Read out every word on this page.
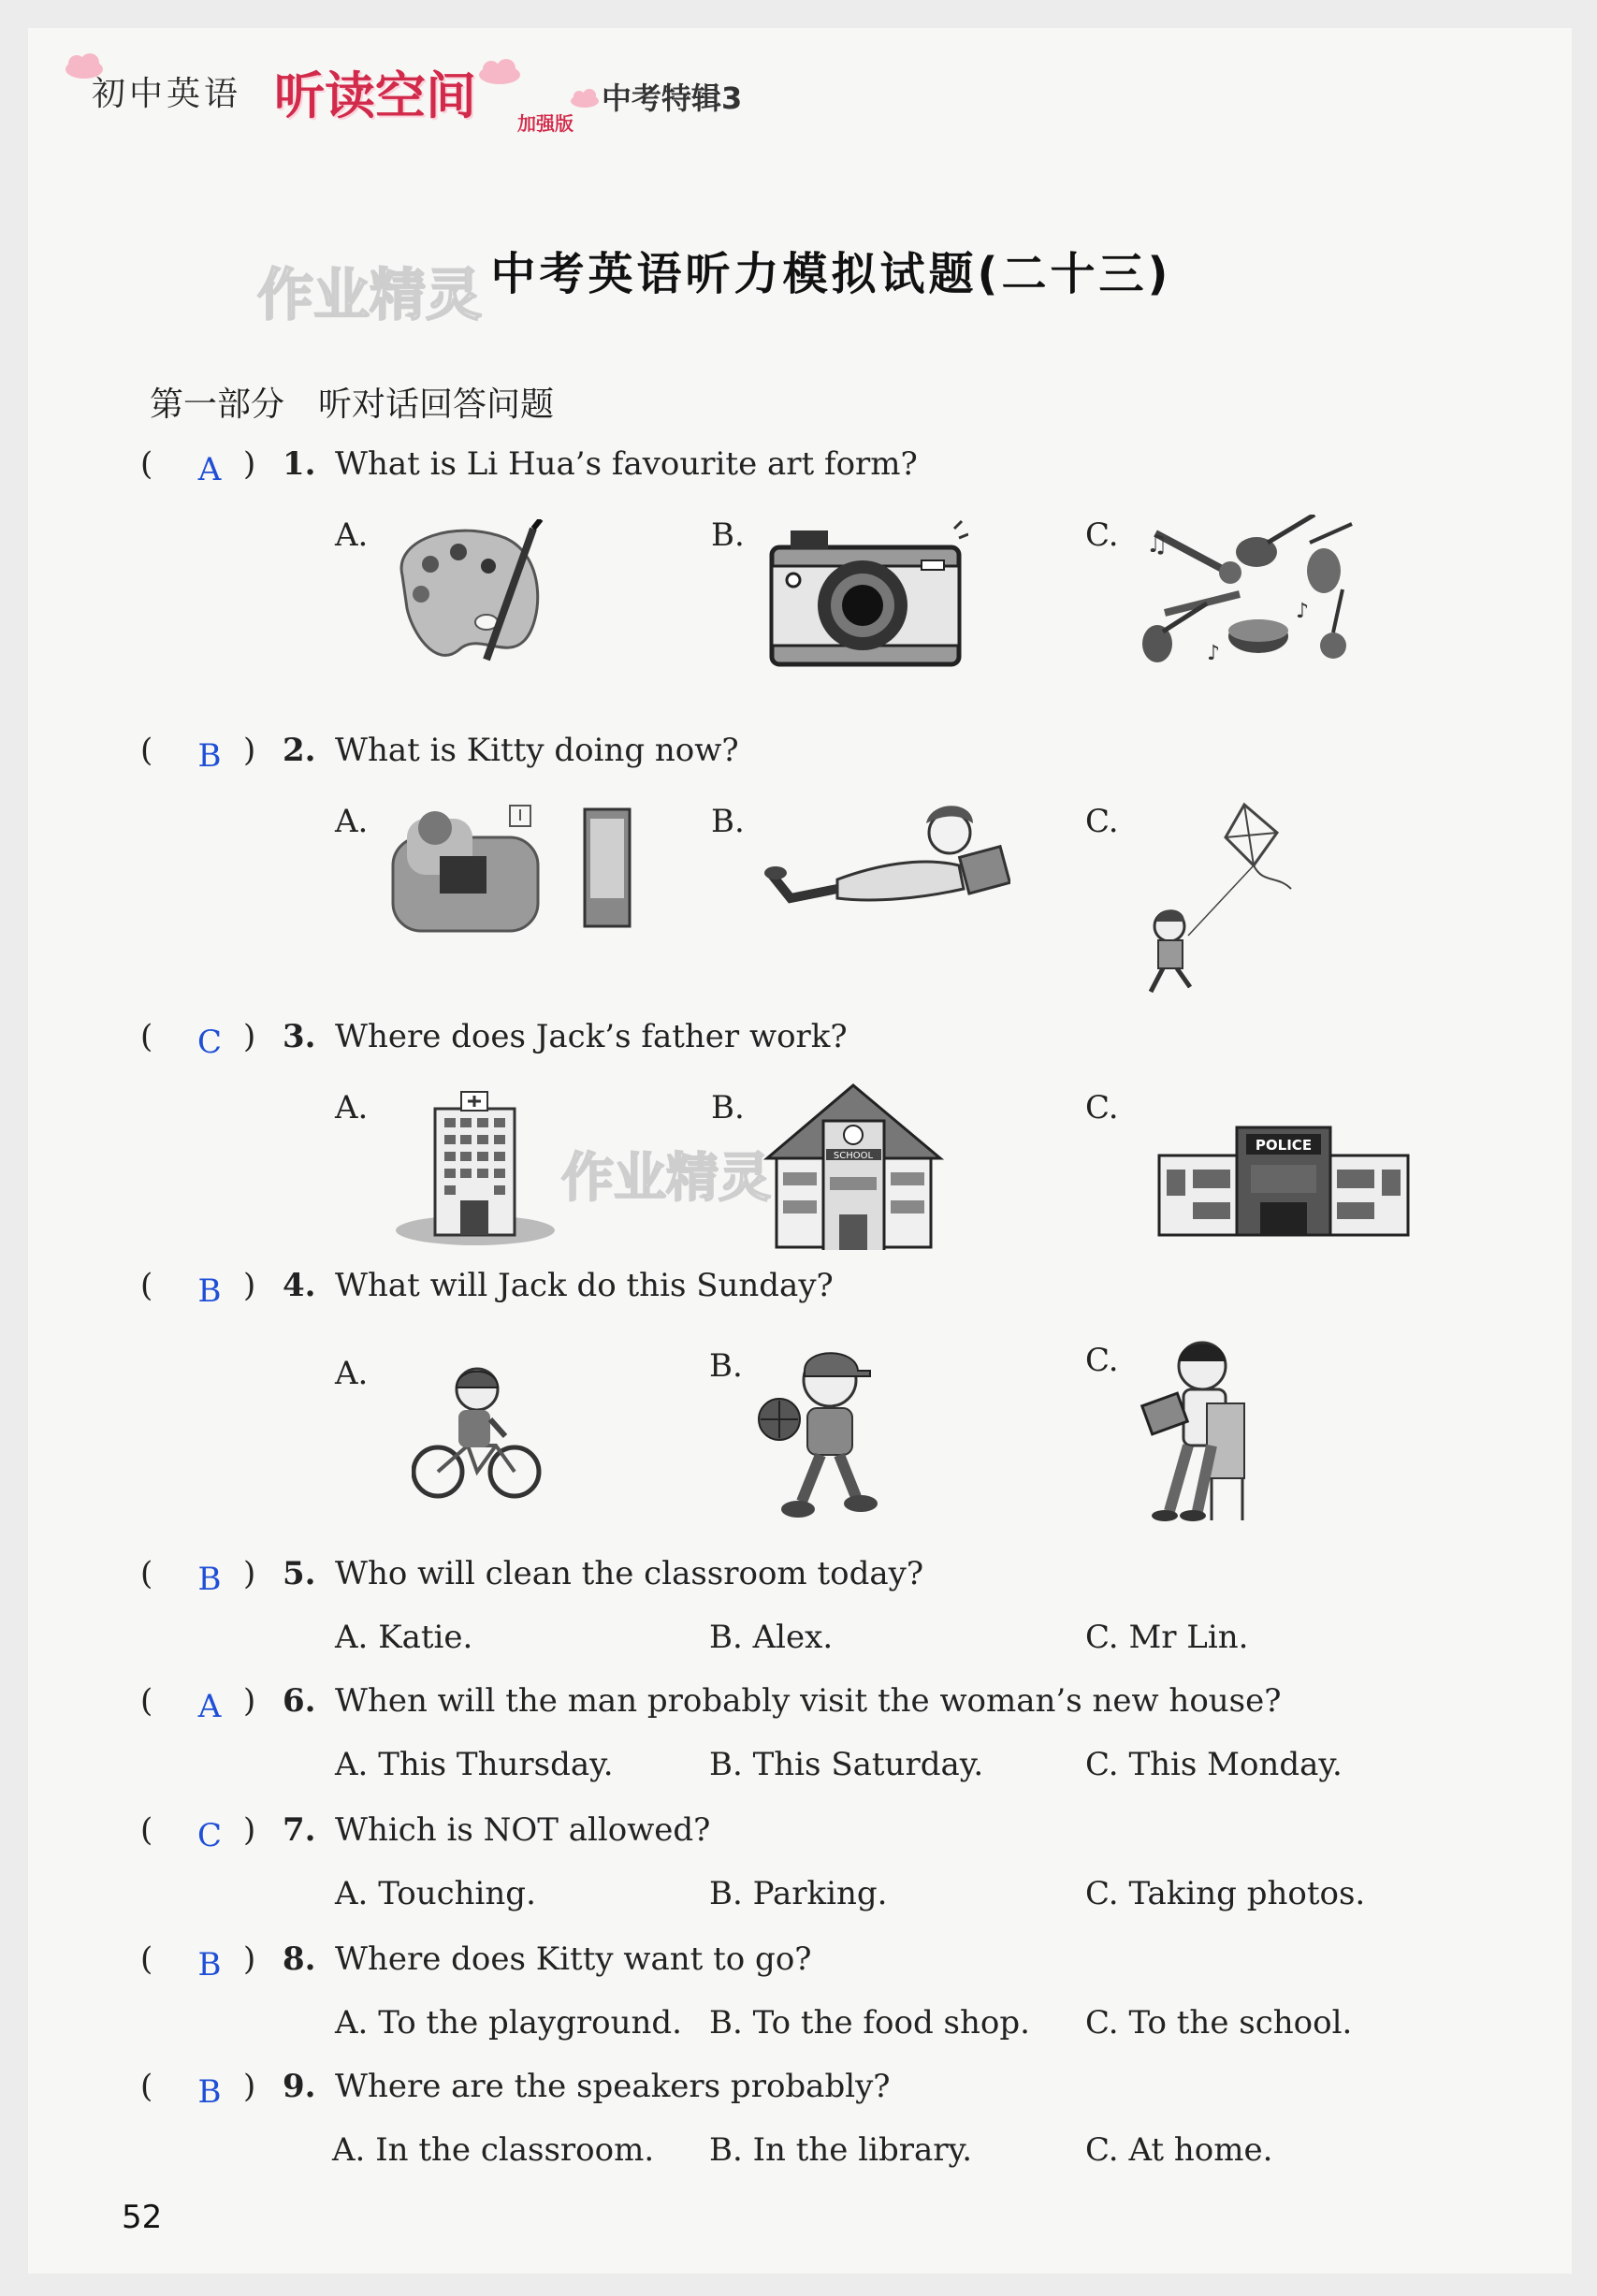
初中英语 听读空间 加强版
中考特辑3
作业精灵
作业精灵
中考英语听力模拟试题(二十三)
第一部分　听对话回答问题
( A ) 1. What is Li Hua’s favourite art form?
A.	B.	C. ♫
♪
♪
( B ) 2. What is Kitty doing now?
A.	B.	C.
( C ) 3. Where does Jack’s father work?
A.	B.	C.
SCHOOL
POLICE
( B ) 4. What will Jack do this Sunday?
A.	B.	C.
( B ) 5. Who will clean the classroom today?
A. Katie.	B. Alex.	C. Mr Lin.
( A ) 6. When will the man probably visit the woman’s new house?
A. This Thursday.	B. This Saturday.	C. This Monday.
( C ) 7. Which is NOT allowed?
A. Touching.	B. Parking.	C. Taking photos.
( B ) 8. Where does Kitty want to go?
A. To the playground. B. To the food shop. C. To the school.
( B ) 9. Where are the speakers probably?
A. In the classroom. B. In the library.	C. At home.
52
